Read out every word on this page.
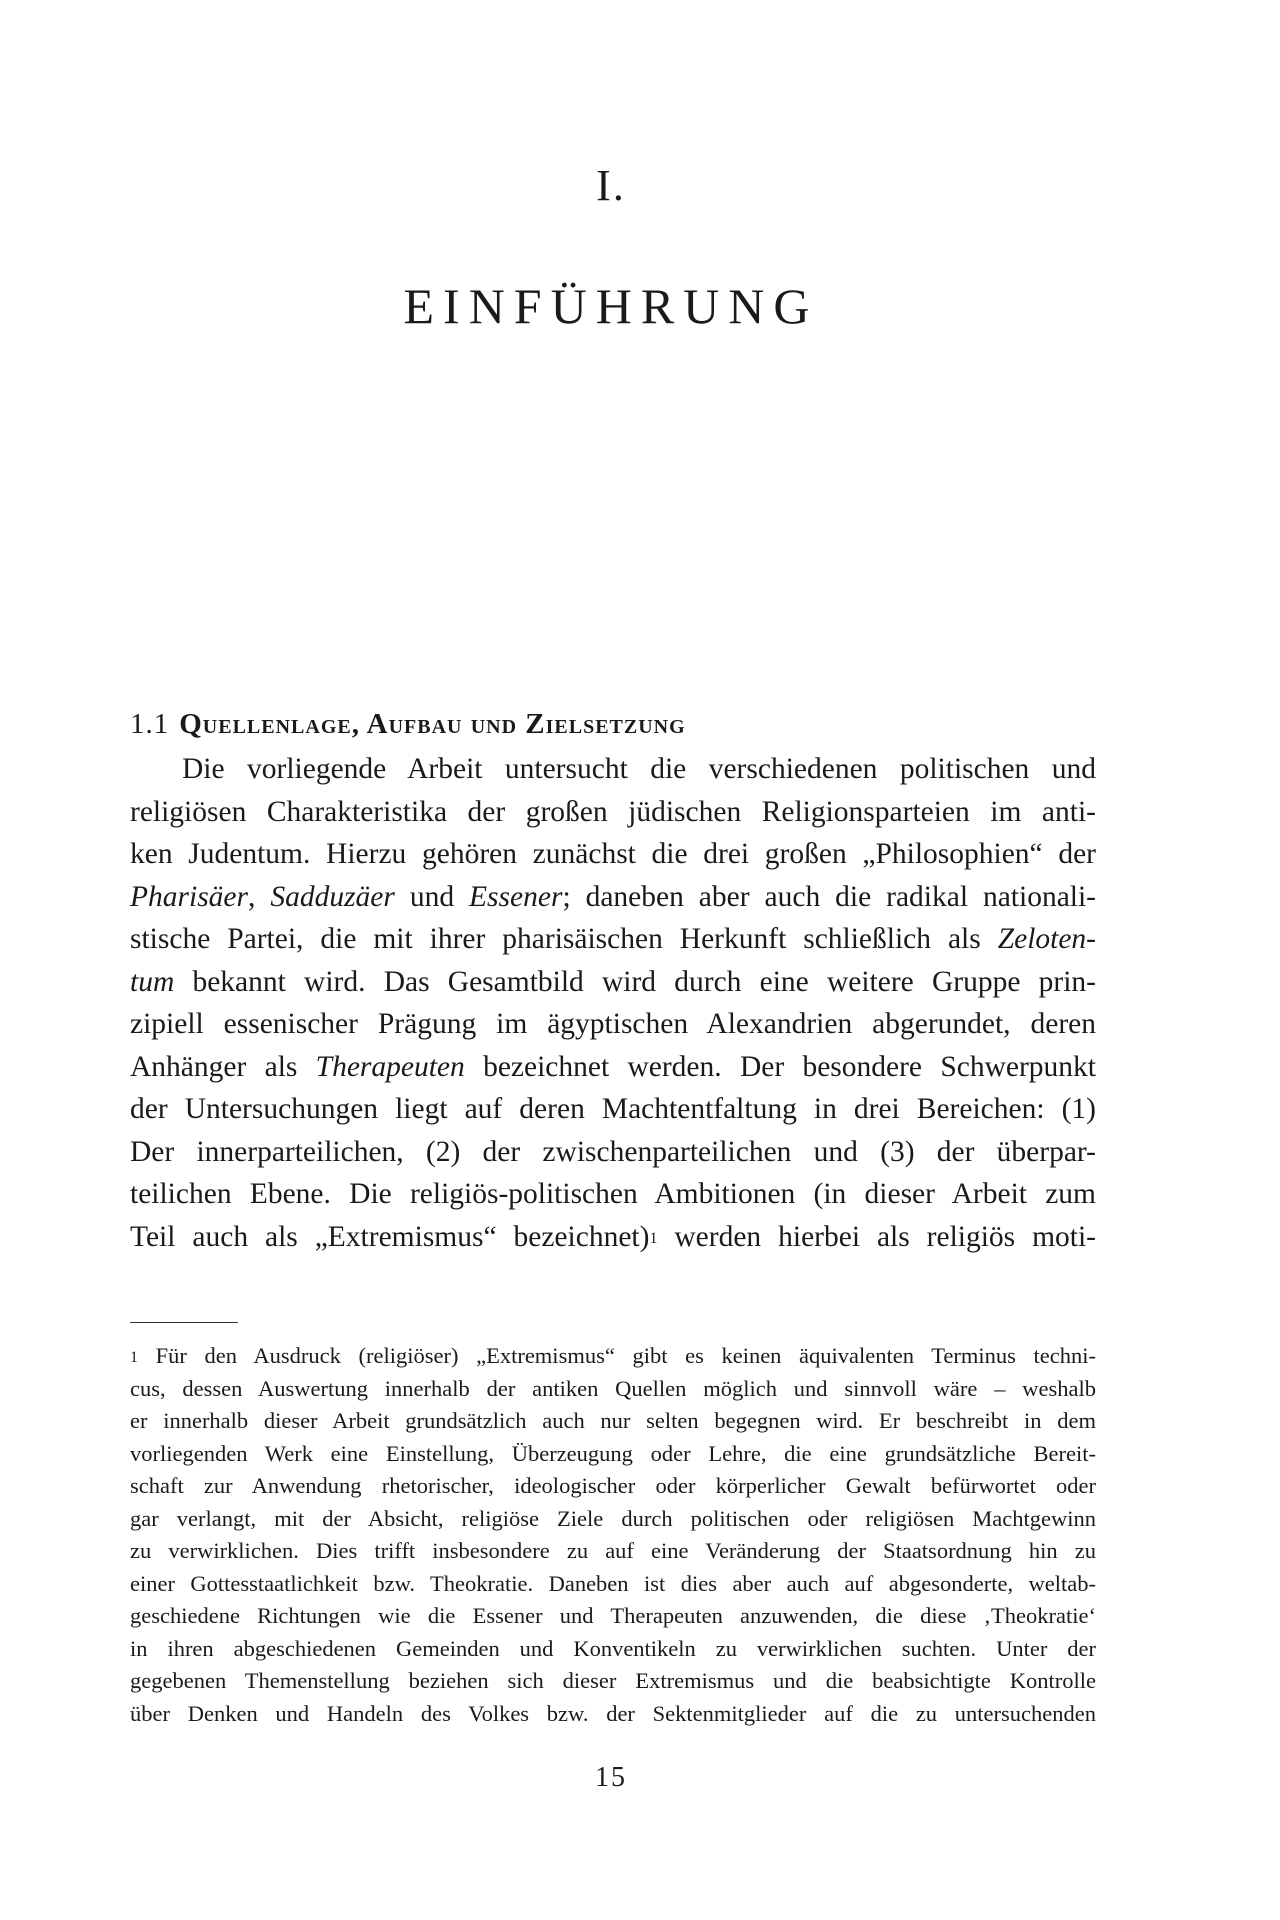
I.
EINFÜHRUNG
1.1 Quellenlage, Aufbau und Zielsetzung
Die vorliegende Arbeit untersucht die verschiedenen politischen und
religiösen Charakteristika der großen jüdischen Religionsparteien im anti-
ken Judentum. Hierzu gehören zunächst die drei großen „Philosophien“ der
Pharisäer, Sadduzäer und Essener; daneben aber auch die radikal nationali-
stische Partei, die mit ihrer pharisäischen Herkunft schließlich als Zeloten-
tum bekannt wird. Das Gesamtbild wird durch eine weitere Gruppe prin-
zipiell essenischer Prägung im ägyptischen Alexandrien abgerundet, deren
Anhänger als Therapeuten bezeichnet werden. Der besondere Schwerpunkt
der Untersuchungen liegt auf deren Machtentfaltung in drei Bereichen: (1)
Der innerparteilichen, (2) der zwischenparteilichen und (3) der überpar-
teilichen Ebene. Die religiös-politischen Ambitionen (in dieser Arbeit zum
Teil auch als „Extremismus“ bezeichnet)$^1$ werden hierbei als religiös moti-
$^1$ Für den Ausdruck (religiöser) „Extremismus“ gibt es keinen äquivalenten Terminus techni-
cus, dessen Auswertung innerhalb der antiken Quellen möglich und sinnvoll wäre – weshalb
er innerhalb dieser Arbeit grundsätzlich auch nur selten begegnen wird. Er beschreibt in dem
vorliegenden Werk eine Einstellung, Überzeugung oder Lehre, die eine grundsätzliche Bereit-
schaft zur Anwendung rhetorischer, ideologischer oder körperlicher Gewalt befürwortet oder
gar verlangt, mit der Absicht, religiöse Ziele durch politischen oder religiösen Machtgewinn
zu verwirklichen. Dies trifft insbesondere zu auf eine Veränderung der Staatsordnung hin zu
einer Gottesstaatlichkeit bzw. Theokratie. Daneben ist dies aber auch auf abgesonderte, weltab-
geschiedene Richtungen wie die Essener und Therapeuten anzuwenden, die diese ‚Theokratie‘
in ihren abgeschiedenen Gemeinden und Konventikeln zu verwirklichen suchten. Unter der
gegebenen Themenstellung beziehen sich dieser Extremismus und die beabsichtigte Kontrolle
über Denken und Handeln des Volkes bzw. der Sektenmitglieder auf die zu untersuchenden
15
